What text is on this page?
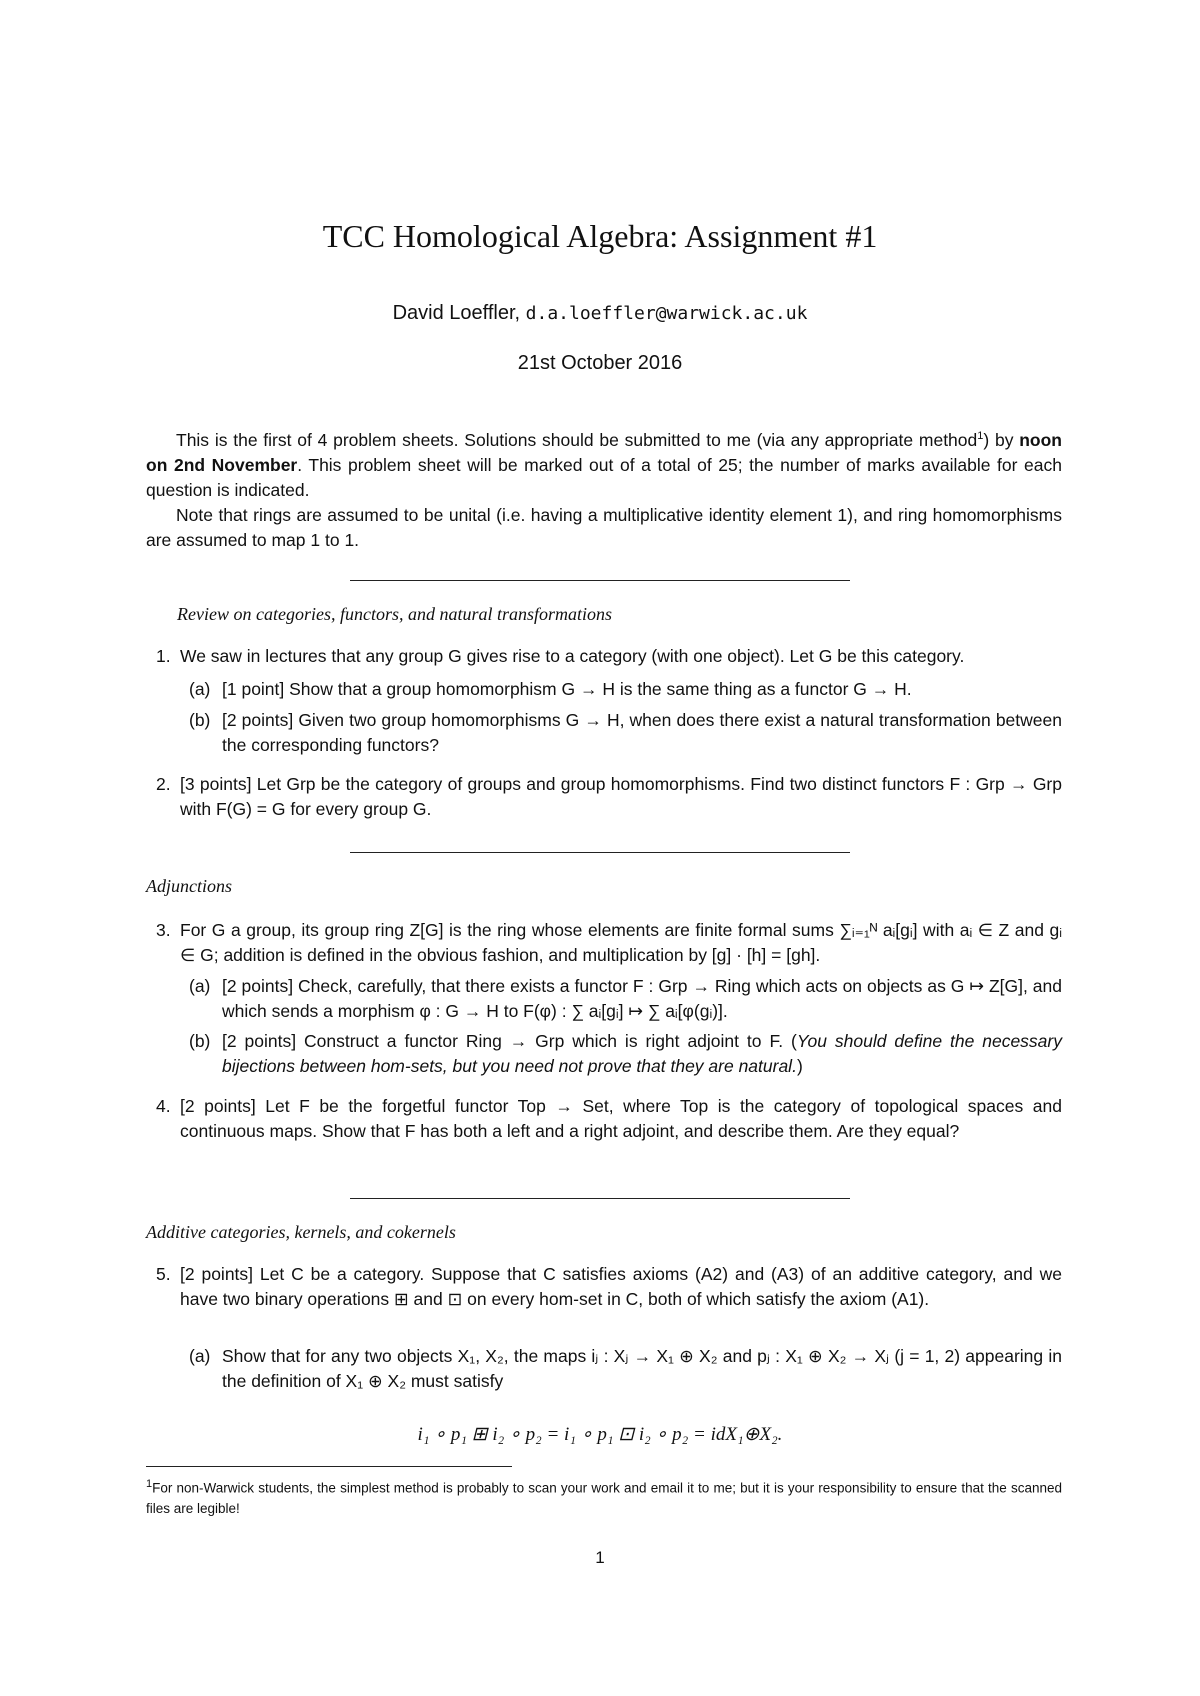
TCC Homological Algebra: Assignment #1
David Loeffler, d.a.loeffler@warwick.ac.uk
21st October 2016

This is the first of 4 problem sheets. Solutions should be submitted to me (via any appropriate method$^1$) by noon on 2nd November. This problem sheet will be marked out of a total of 25; the number of marks available for each question is indicated.

Note that rings are assumed to be unital (i.e. having a multiplicative identity element 1), and ring homomorphisms are assumed to map 1 to 1.

Review on categories, functors, and natural transformations
1. We saw in lectures that any group G gives rise to a category (with one object). Let G be this category.
(a) [1 point] Show that a group homomorphism G → H is the same thing as a functor G → H.
(b) [2 points] Given two group homomorphisms G → H, when does there exist a natural transformation between the corresponding functors?
2. [3 points] Let Grp be the category of groups and group homomorphisms. Find two distinct functors F : Grp → Grp with F(G) = G for every group G.
Adjunctions
3. For G a group, its group ring Z[G] is the ring whose elements are finite formal sums ∑ᵢ₌₁ᴺ aᵢ[gᵢ] with aᵢ ∈ Z and gᵢ ∈ G; addition is defined in the obvious fashion, and multiplication by [g] · [h] = [gh].
(a) [2 points] Check, carefully, that there exists a functor F : Grp → Ring which acts on objects as G ↦ Z[G], and which sends a morphism φ : G → H to F(φ) : ∑ aᵢ[gᵢ] ↦ ∑ aᵢ[φ(gᵢ)].
(b) [2 points] Construct a functor Ring → Grp which is right adjoint to F. (You should define the necessary bijections between hom-sets, but you need not prove that they are natural.)
4. [2 points] Let F be the forgetful functor Top → Set, where Top is the category of topological spaces and continuous maps. Show that F has both a left and a right adjoint, and describe them. Are they equal?
Additive categories, kernels, and cokernels
5. [2 points] Let C be a category. Suppose that C satisfies axioms (A2) and (A3) of an additive category, and we have two binary operations ⊞ and ⊡ on every hom-set in C, both of which satisfy the axiom (A1).
(a) Show that for any two objects X₁, X₂, the maps iⱼ : Xⱼ → X₁ ⊕ X₂ and pⱼ : X₁ ⊕ X₂ → Xⱼ (j = 1, 2) appearing in the definition of X₁ ⊕ X₂ must satisfy
i₁ ∘ p₁ ⊞ i₂ ∘ p₂ = i₁ ∘ p₁ ⊡ i₂ ∘ p₂ = idX₁⊕X₂.
$^1$For non-Warwick students, the simplest method is probably to scan your work and email it to me; but it is your responsibility to ensure that the scanned files are legible!
1
